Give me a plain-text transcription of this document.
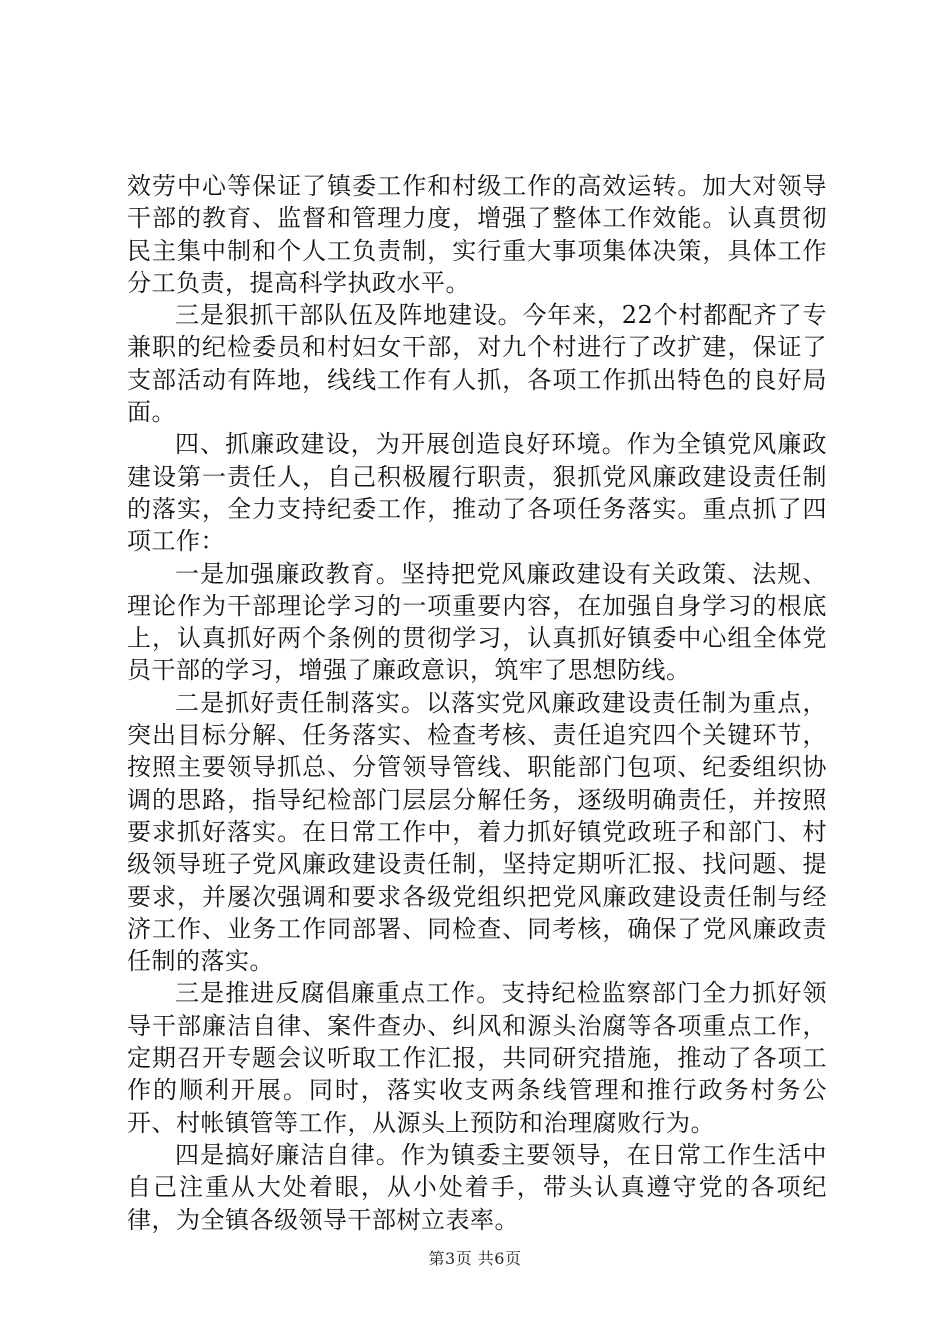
效劳中心等保证了镇委工作和村级工作的高效运转。加大对领导干部的教育、监督和管理力度，增强了整体工作效能。认真贯彻民主集中制和个人工负责制，实行重大事项集体决策，具体工作分工负责，提高科学执政水平。

三是狠抓干部队伍及阵地建设。今年来，22个村都配齐了专兼职的纪检委员和村妇女干部，对九个村进行了改扩建，保证了支部活动有阵地，线线工作有人抓，各项工作抓出特色的良好局面。

四、抓廉政建设，为开展创造良好环境。作为全镇党风廉政建设第一责任人，自己积极履行职责，狠抓党风廉政建设责任制的落实，全力支持纪委工作，推动了各项任务落实。重点抓了四项工作：

一是加强廉政教育。坚持把党风廉政建设有关政策、法规、理论作为干部理论学习的一项重要内容，在加强自身学习的根底上，认真抓好两个条例的贯彻学习，认真抓好镇委中心组全体党员干部的学习，增强了廉政意识，筑牢了思想防线。

二是抓好责任制落实。以落实党风廉政建设责任制为重点，突出目标分解、任务落实、检查考核、责任追究四个关键环节，按照主要领导抓总、分管领导管线、职能部门包项、纪委组织协调的思路，指导纪检部门层层分解任务，逐级明确责任，并按照要求抓好落实。在日常工作中，着力抓好镇党政班子和部门、村级领导班子党风廉政建设责任制，坚持定期听汇报、找问题、提要求，并屡次强调和要求各级党组织把党风廉政建设责任制与经济工作、业务工作同部署、同检查、同考核，确保了党风廉政责任制的落实。

三是推进反腐倡廉重点工作。支持纪检监察部门全力抓好领导干部廉洁自律、案件查办、纠风和源头治腐等各项重点工作，定期召开专题会议听取工作汇报，共同研究措施，推动了各项工作的顺利开展。同时，落实收支两条线管理和推行政务村务公开、村帐镇管等工作，从源头上预防和治理腐败行为。

四是搞好廉洁自律。作为镇委主要领导，在日常工作生活中自己注重从大处着眼，从小处着手，带头认真遵守党的各项纪律，为全镇各级领导干部树立表率。

第3页 共6页
